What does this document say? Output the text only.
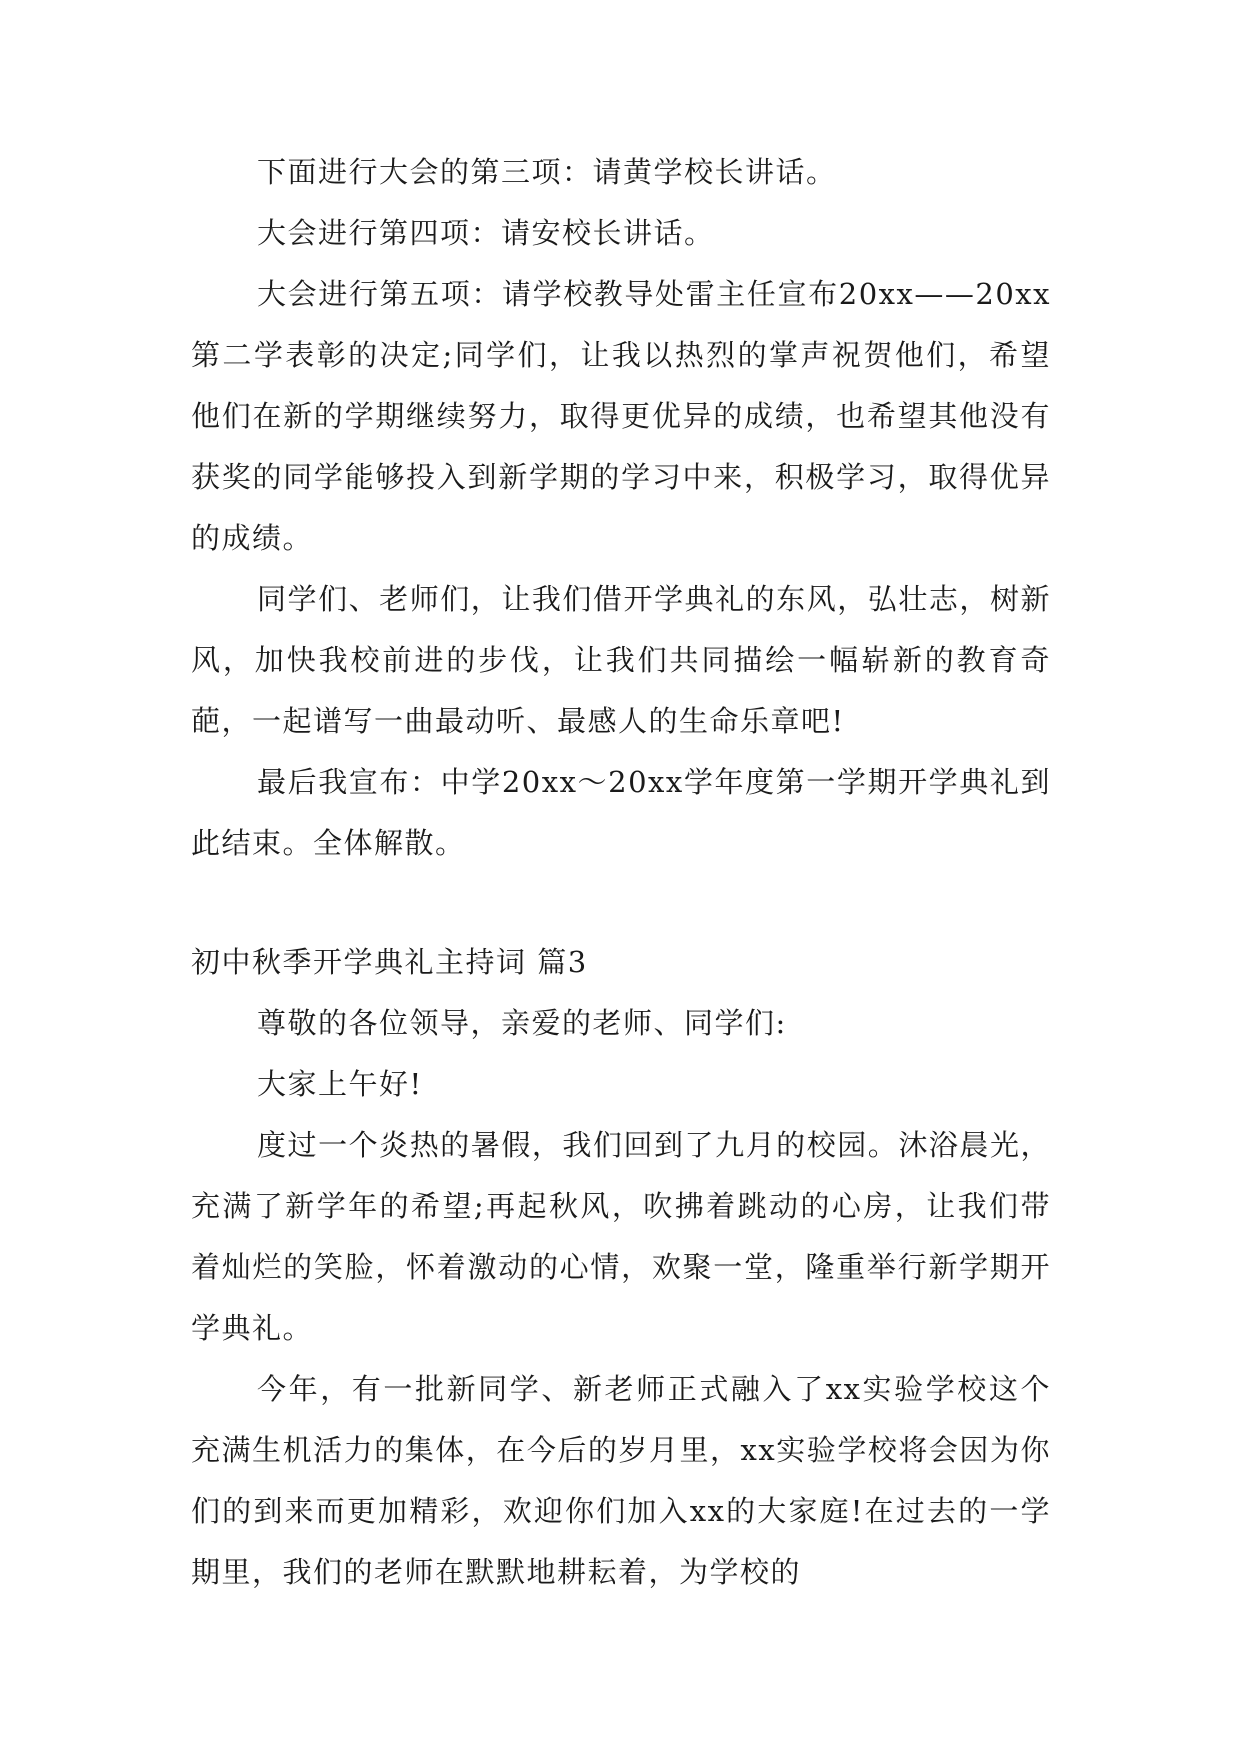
下面进行大会的第三项：请黄学校长讲话。

大会进行第四项：请安校长讲话。

大会进行第五项：请学校教导处雷主任宣布20xx——20xx第二学表彰的决定;同学们，让我以热烈的掌声祝贺他们，希望他们在新的学期继续努力，取得更优异的成绩，也希望其他没有获奖的同学能够投入到新学期的学习中来，积极学习，取得优异的成绩。

同学们、老师们，让我们借开学典礼的东风，弘壮志，树新风，加快我校前进的步伐，让我们共同描绘一幅崭新的教育奇葩，一起谱写一曲最动听、最感人的生命乐章吧!

最后我宣布：中学20xx～20xx学年度第一学期开学典礼到此结束。全体解散。

初中秋季开学典礼主持词 篇3

尊敬的各位领导，亲爱的老师、同学们:

大家上午好!

度过一个炎热的暑假，我们回到了九月的校园。沐浴晨光，充满了新学年的希望;再起秋风，吹拂着跳动的心房，让我们带着灿烂的笑脸，怀着激动的心情，欢聚一堂，隆重举行新学期开学典礼。

今年，有一批新同学、新老师正式融入了xx实验学校这个充满生机活力的集体，在今后的岁月里，xx实验学校将会因为你们的到来而更加精彩，欢迎你们加入xx的大家庭!在过去的一学期里，我们的老师在默默地耕耘着，为学校的
